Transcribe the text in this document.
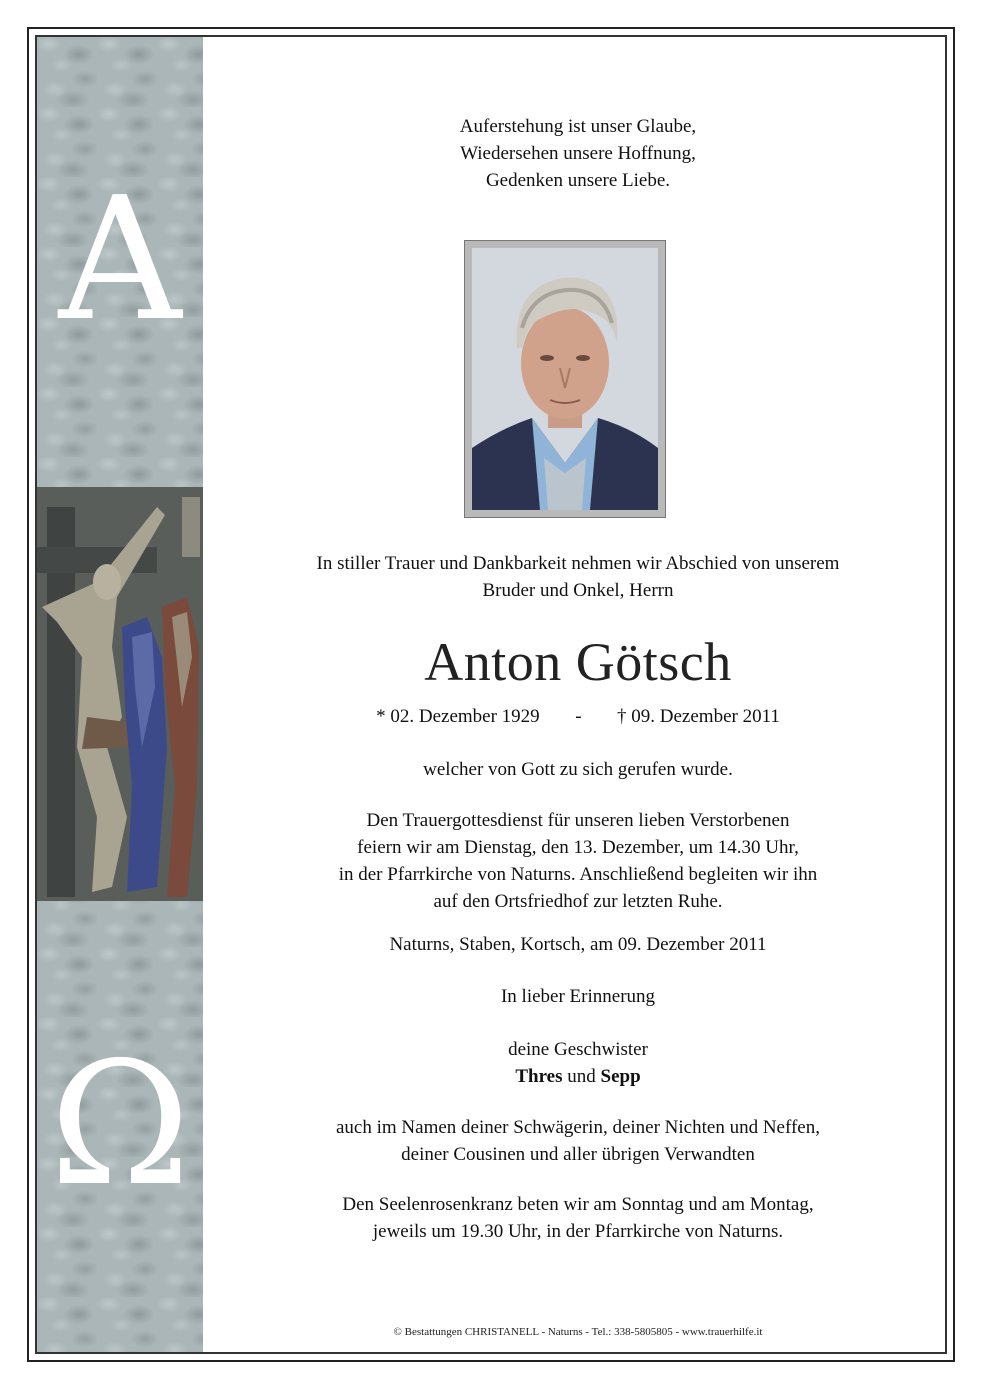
A
Ω
Auferstehung ist unser Glaube,
Wiedersehen unsere Hoffnung,
Gedenken unsere Liebe.
In stiller Trauer und Dankbarkeit nehmen wir Abschied von unserem
Bruder und Onkel, Herrn
Anton Götsch
* 02. Dezember 1929 - † 09. Dezember 2011
welcher von Gott zu sich gerufen wurde.
Den Trauergottesdienst für unseren lieben Verstorbenen
feiern wir am Dienstag, den 13. Dezember, um 14.30 Uhr,
in der Pfarrkirche von Naturns. Anschließend begleiten wir ihn
auf den Ortsfriedhof zur letzten Ruhe.
Naturns, Staben, Kortsch, am 09. Dezember 2011
In lieber Erinnerung
deine Geschwister
Thres und Sepp
auch im Namen deiner Schwägerin, deiner Nichten und Neffen,
deiner Cousinen und aller übrigen Verwandten
Den Seelenrosenkranz beten wir am Sonntag und am Montag,
jeweils um 19.30 Uhr, in der Pfarrkirche von Naturns.
© Bestattungen CHRISTANELL - Naturns - Tel.: 338-5805805 - www.trauerhilfe.it
